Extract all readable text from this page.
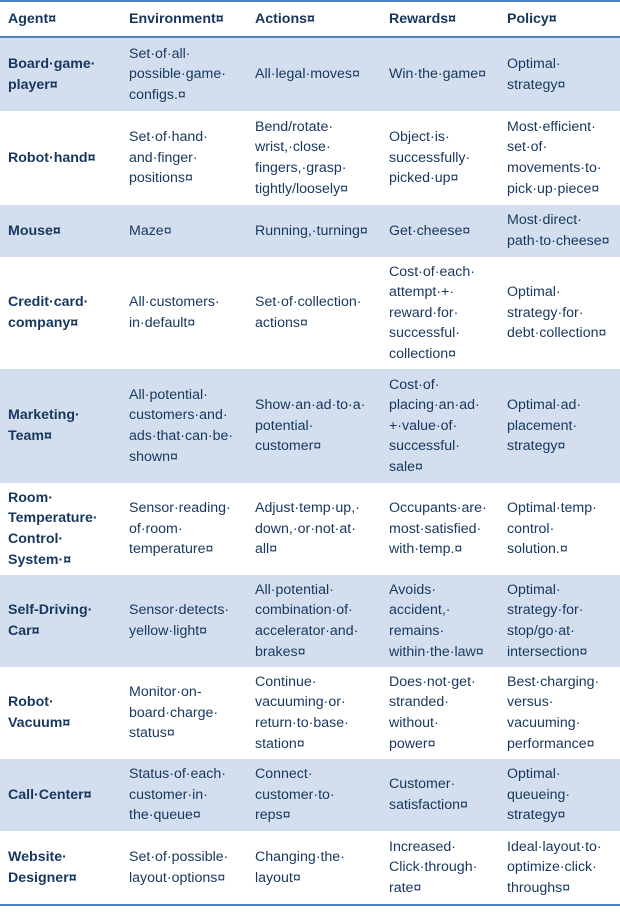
Agent¤	Environment¤	Actions¤	Rewards¤	Policy¤

Board·game·
player¤	Set·of·all·
possible·game·
configs.¤	All·legal·moves¤	Win·the·game¤	Optimal·
strategy¤

Robot·hand¤	Set·of·hand·
and·finger·
positions¤	Bend/rotate·
wrist,·close·
fingers,·grasp·
tightly/loosely¤	Object·is·
successfully·
picked·up¤	Most·efficient·
set·of·
movements·to·
pick·up·piece¤

Mouse¤	Maze¤	Running,·turning¤	Get·cheese¤	Most·direct·
path·to·cheese¤

Credit·card·
company¤	All·customers·
in·default¤	Set·of·collection·
actions¤	Cost·of·each·
attempt·+·
reward·for·
successful·
collection¤	Optimal·
strategy·for·
debt·collection¤

Marketing·
Team¤	All·potential·
customers·and·
ads·that·can·be·
shown¤	Show·an·ad·to·a·
potential·
customer¤	Cost·of·
placing·an·ad·
+·value·of·
successful·
sale¤	Optimal·ad·
placement·
strategy¤

Room·
Temperature·
Control·
System·¤	Sensor·reading·
of·room·
temperature¤	Adjust·temp·up,·
down,·or·not·at·
all¤	Occupants·are·
most·satisfied·
with·temp.¤	Optimal·temp·
control·
solution.¤

Self-Driving·
Car¤	Sensor·detects·
yellow·light¤	All·potential·
combination·of·
accelerator·and·
brakes¤	Avoids·
accident,·
remains·
within·the·law¤	Optimal·
strategy·for·
stop/go·at·
intersection¤

Robot·
Vacuum¤	Monitor·on-
board·charge·
status¤	Continue·
vacuuming·or·
return·to·base·
station¤	Does·not·get·
stranded·
without·
power¤	Best·charging·
versus·
vacuuming·
performance¤

Call·Center¤	Status·of·each·
customer·in·
the·queue¤	Connect·
customer·to·
reps¤	Customer·
satisfaction¤	Optimal·
queueing·
strategy¤

Website·
Designer¤	Set·of·possible·
layout·options¤	Changing·the·
layout¤	Increased·
Click·through·
rate¤	Ideal·layout·to·
optimize·click·
throughs¤
